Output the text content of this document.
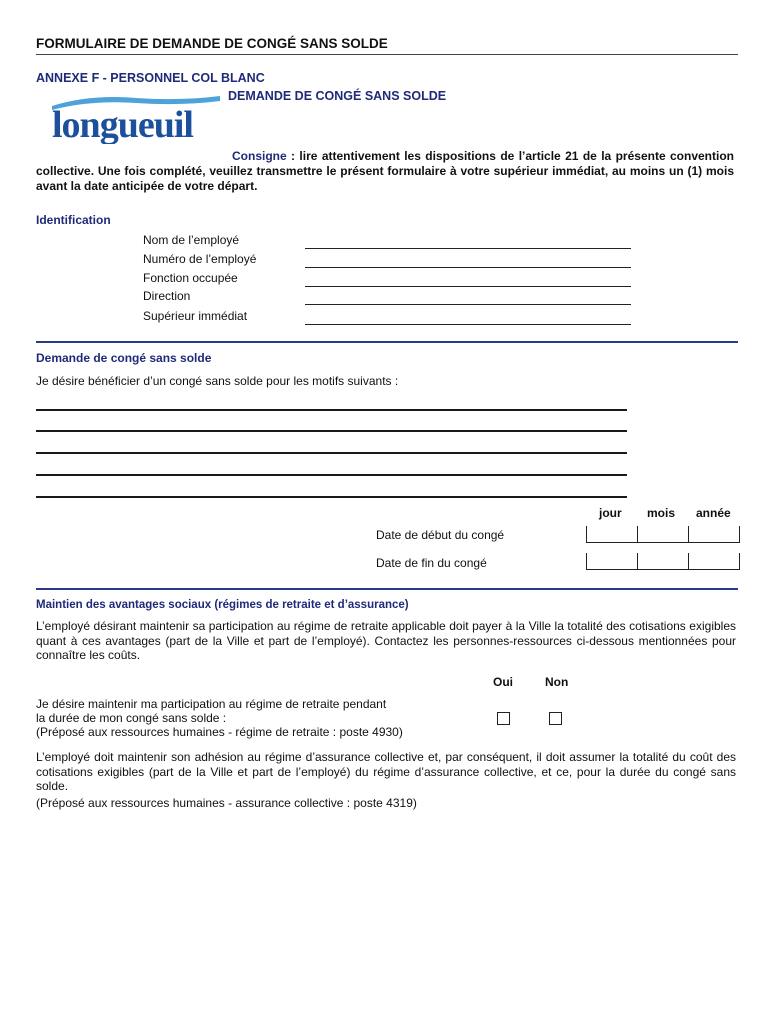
FORMULAIRE DE DEMANDE DE CONGÉ SANS SOLDE
ANNEXE F - PERSONNEL COL BLANC
DEMANDE DE CONGÉ SANS SOLDE
longueuil
Consigne : lire attentivement les dispositions de l’article 21 de la présente convention collective. Une fois complété, veuillez transmettre le présent formulaire à votre supérieur immédiat, au moins un (1) mois avant la date anticipée de votre départ.
Identification
Nom de l’employé
Numéro de l’employé
Fonction occupée
Direction
Supérieur immédiat
Demande de congé sans solde
Je désire bénéficier d’un congé sans solde pour les motifs suivants :
jour mois année
Date de début du congé
Date de fin du congé
Maintien des avantages sociaux (régimes de retraite et d’assurance)
L’employé désirant maintenir sa participation au régime de retraite applicable doit payer à la Ville la totalité des cotisations exigibles quant à ces avantages (part de la Ville et part de l’employé). Contactez les personnes-ressources ci-dessous mentionnées pour connaître les coûts.
Oui	Non
Je désire maintenir ma participation au régime de retraite pendant
la durée de mon congé sans solde :
(Préposé aux ressources humaines - régime de retraite : poste 4930)
L’employé doit maintenir son adhésion au régime d’assurance collective et, par conséquent, il doit assumer la totalité du coût des cotisations exigibles (part de la Ville et part de l’employé) du régime d’assurance collective, et ce, pour la durée du congé sans solde.
(Préposé aux ressources humaines - assurance collective : poste 4319)
